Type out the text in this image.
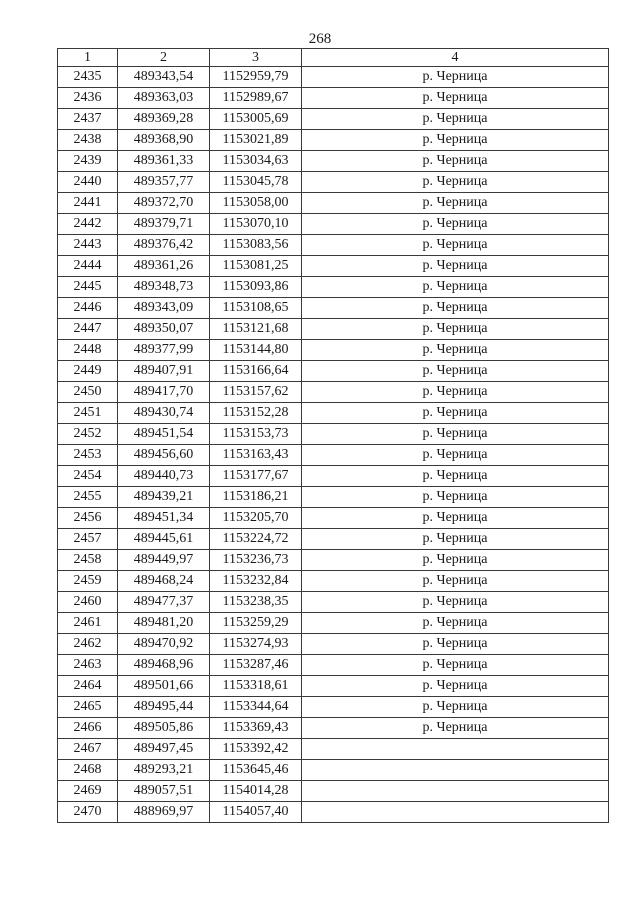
268
1	2	3	4
2435	489343,54	1152959,79	р. Черница
2436	489363,03	1152989,67	р. Черница
2437	489369,28	1153005,69	р. Черница
2438	489368,90	1153021,89	р. Черница
2439	489361,33	1153034,63	р. Черница
2440	489357,77	1153045,78	р. Черница
2441	489372,70	1153058,00	р. Черница
2442	489379,71	1153070,10	р. Черница
2443	489376,42	1153083,56	р. Черница
2444	489361,26	1153081,25	р. Черница
2445	489348,73	1153093,86	р. Черница
2446	489343,09	1153108,65	р. Черница
2447	489350,07	1153121,68	р. Черница
2448	489377,99	1153144,80	р. Черница
2449	489407,91	1153166,64	р. Черница
2450	489417,70	1153157,62	р. Черница
2451	489430,74	1153152,28	р. Черница
2452	489451,54	1153153,73	р. Черница
2453	489456,60	1153163,43	р. Черница
2454	489440,73	1153177,67	р. Черница
2455	489439,21	1153186,21	р. Черница
2456	489451,34	1153205,70	р. Черница
2457	489445,61	1153224,72	р. Черница
2458	489449,97	1153236,73	р. Черница
2459	489468,24	1153232,84	р. Черница
2460	489477,37	1153238,35	р. Черница
2461	489481,20	1153259,29	р. Черница
2462	489470,92	1153274,93	р. Черница
2463	489468,96	1153287,46	р. Черница
2464	489501,66	1153318,61	р. Черница
2465	489495,44	1153344,64	р. Черница
2466	489505,86	1153369,43	р. Черница
2467	489497,45	1153392,42	
2468	489293,21	1153645,46	
2469	489057,51	1154014,28	
2470	488969,97	1154057,40	
